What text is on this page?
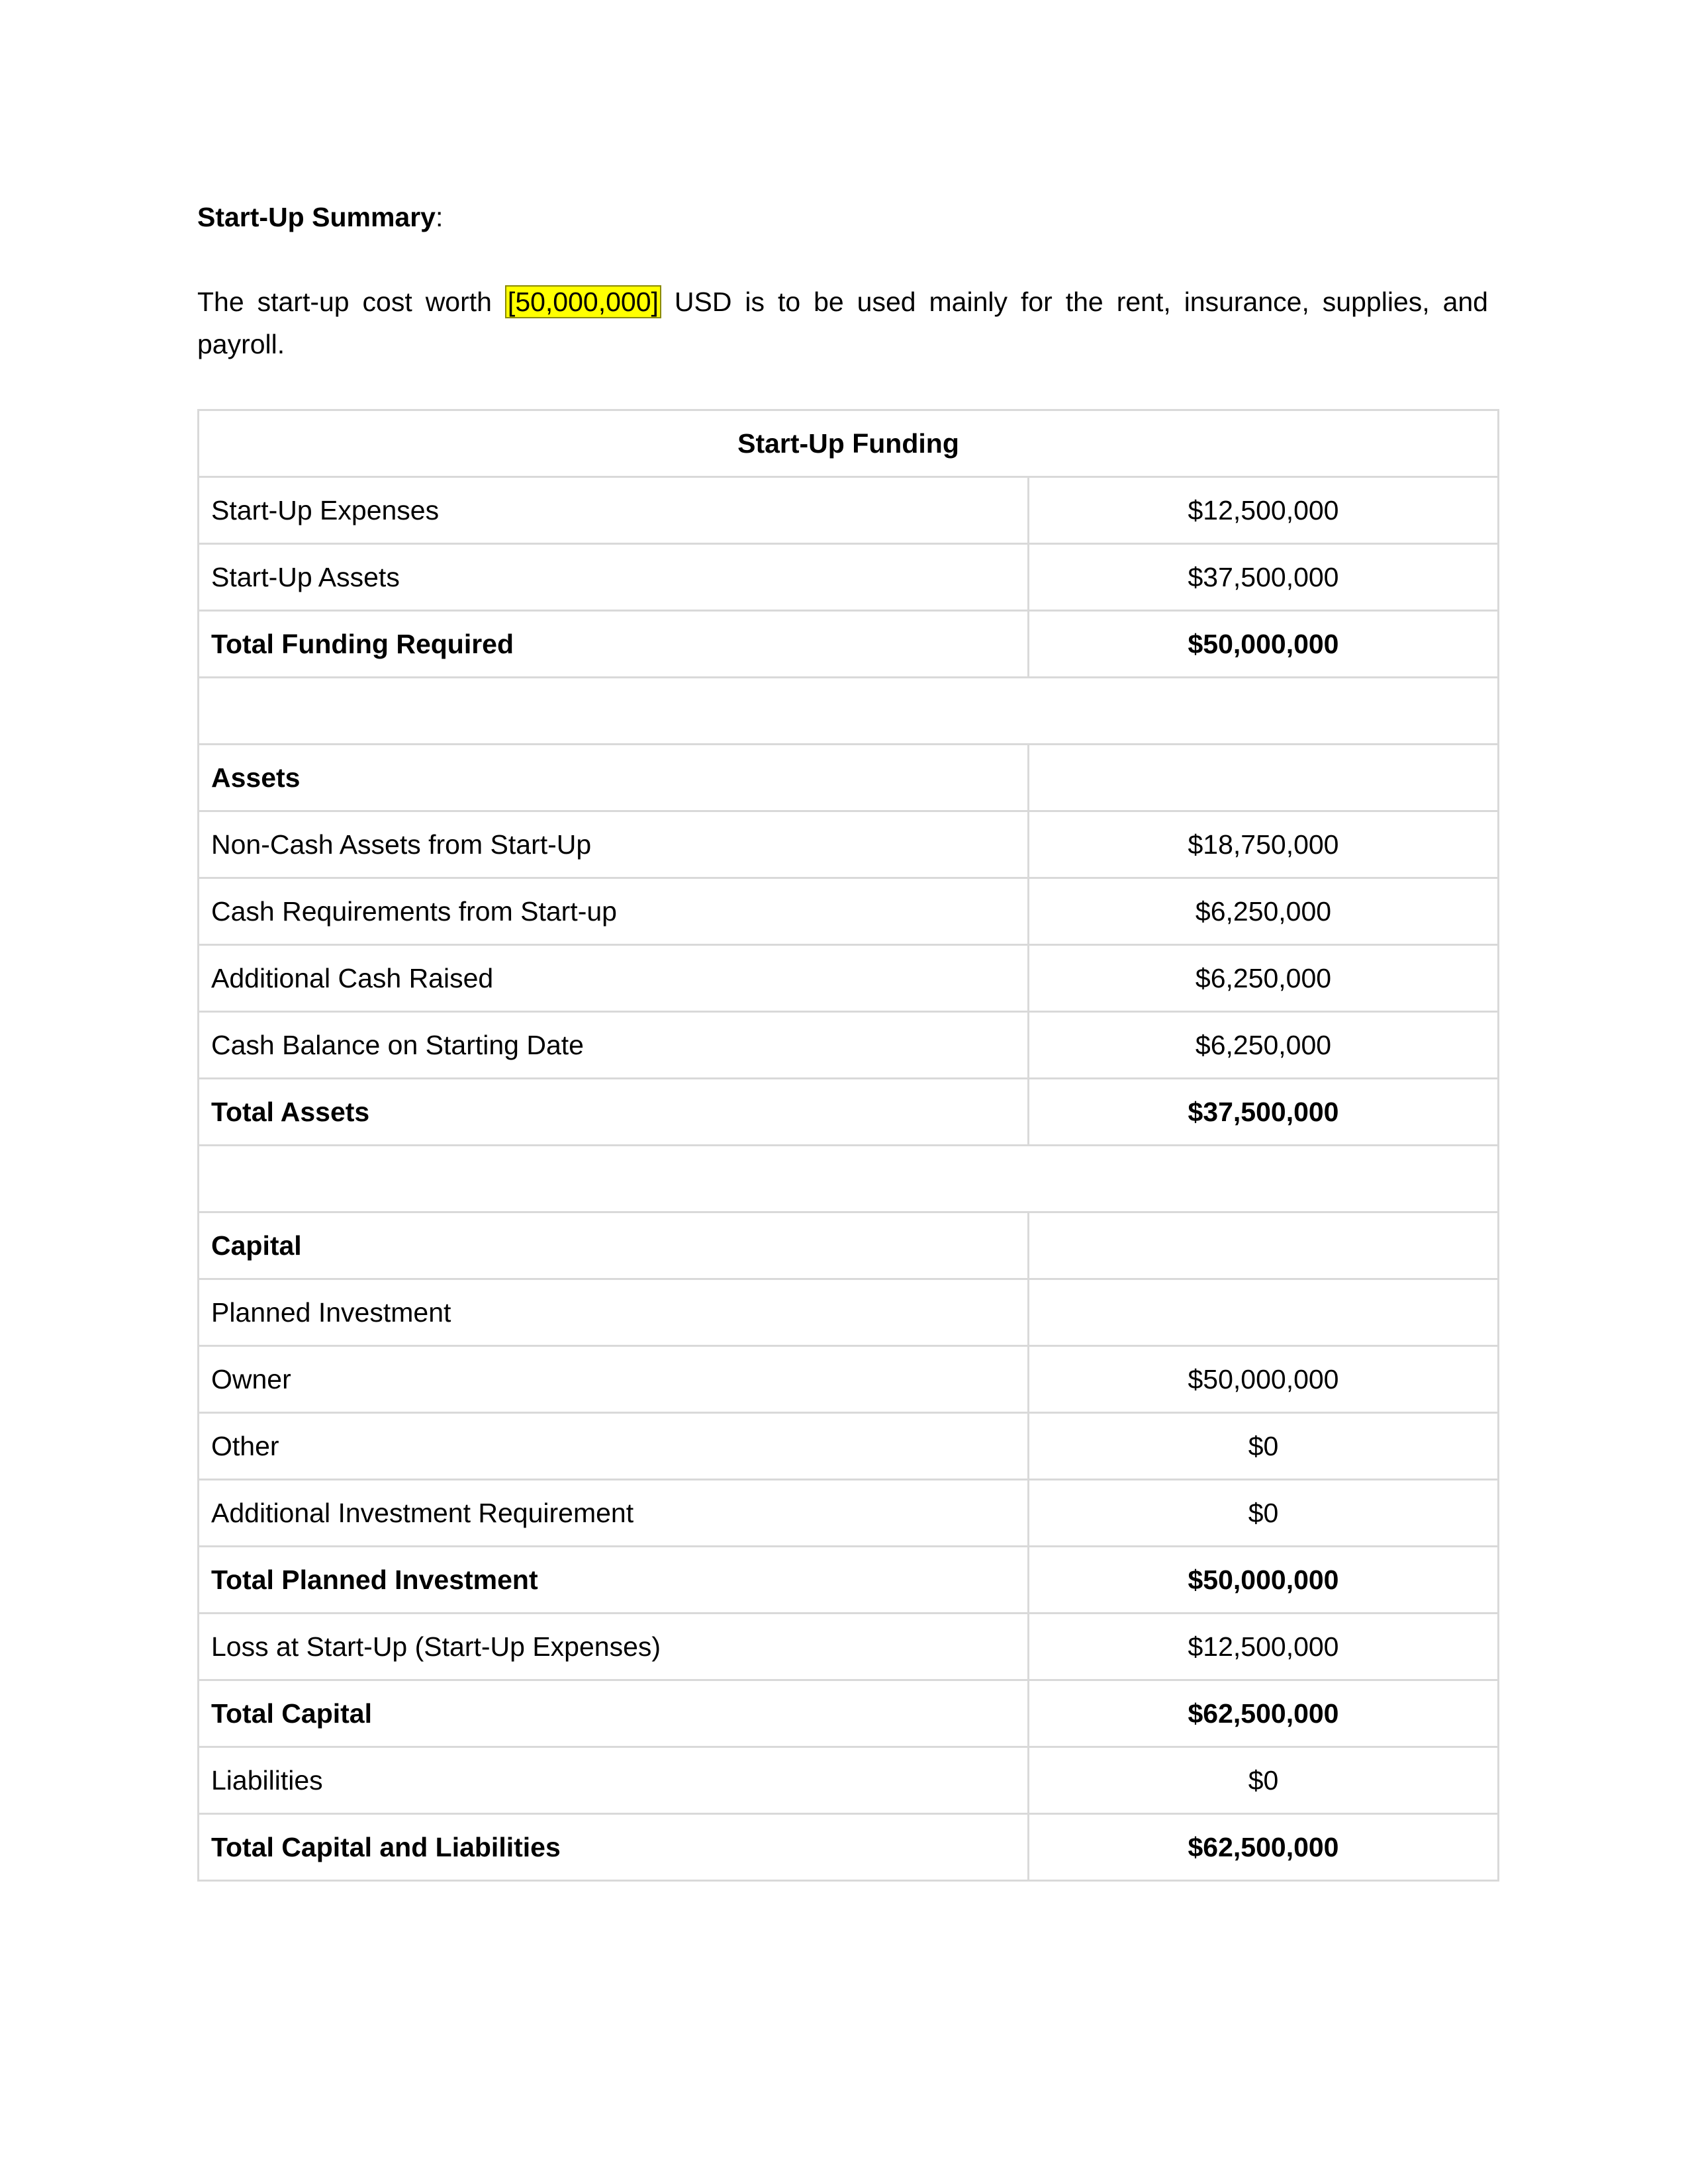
Start-Up Summary:
The start-up cost worth [50,000,000] USD is to be used mainly for the rent, insurance, supplies, and payroll.
Start-Up Funding	
Start-Up Expenses	$12,500,000
Start-Up Assets	$37,500,000
Total Funding Required	$50,000,000

Assets	
Non-Cash Assets from Start-Up	$18,750,000
Cash Requirements from Start-up	$6,250,000
Additional Cash Raised	$6,250,000
Cash Balance on Starting Date	$6,250,000
Total Assets	$37,500,000

Capital	
Planned Investment	
Owner	$50,000,000
Other	$0
Additional Investment Requirement	$0
Total Planned Investment	$50,000,000
Loss at Start-Up (Start-Up Expenses)	$12,500,000
Total Capital	$62,500,000
Liabilities	$0
Total Capital and Liabilities	$62,500,000
